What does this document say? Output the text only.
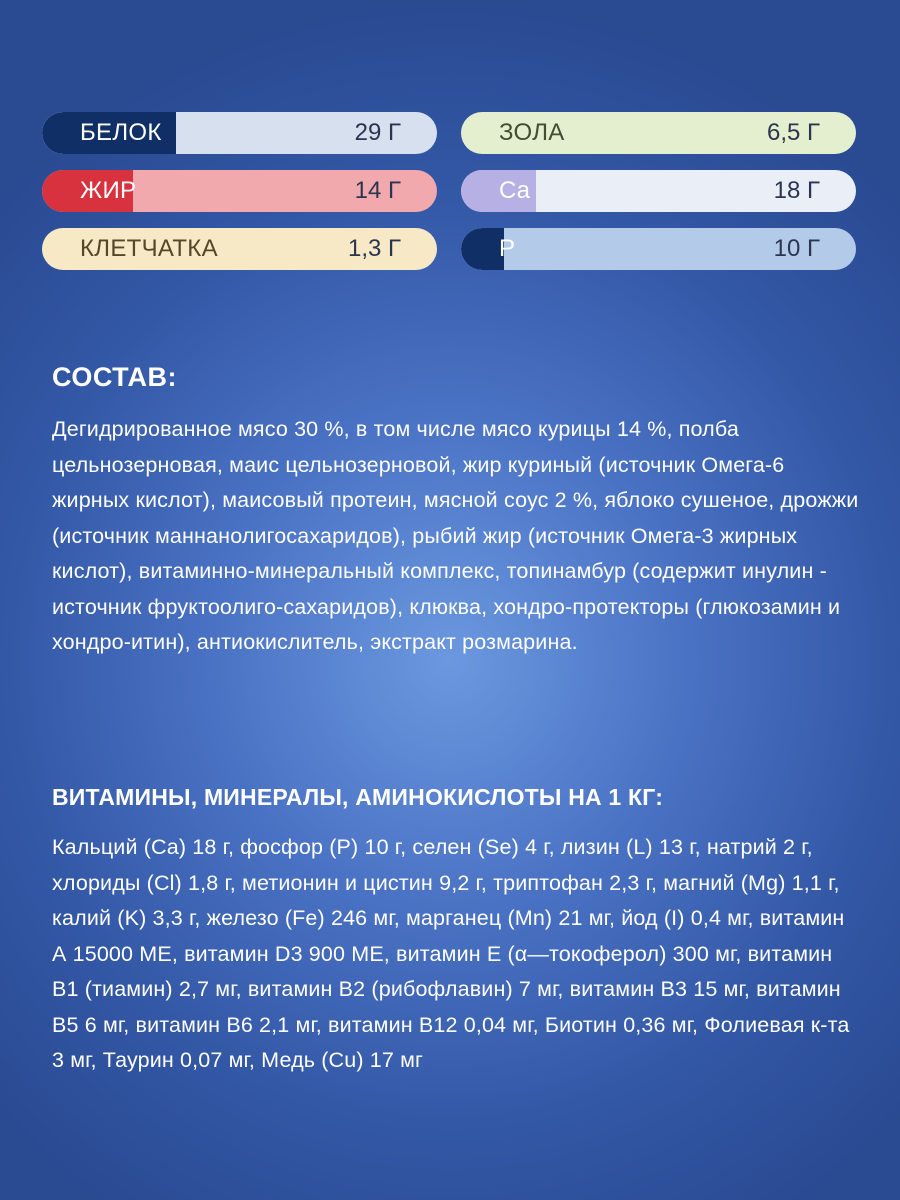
БЕЛОК	29 Г	ЗОЛА	6,5 Г
ЖИР	14 Г	Ca	18 Г
КЛЕТЧАТКА	1,3 Г	P	10 Г
СОСТАВ:
Дегидрированное мясо 30 %, в том числе мясо курицы 14 %, полба цельнозерновая, маис цельнозерновой, жир куриный (источник Омега-6 жирных кислот), маисовый протеин, мясной соус 2 %, яблоко сушеное, дрожжи (источник маннанолигосахаридов), рыбий жир (источник Омега-3 жирных кислот), витаминно-минеральный комплекс, топинамбур (содержит инулин - источник фруктоолиго-сахаридов), клюква, хондро-протекторы (глюкозамин и хондро-итин), антиокислитель, экстракт розмарина.
ВИТАМИНЫ, МИНЕРАЛЫ, АМИНОКИСЛОТЫ НА 1 КГ:
Кальций (Ca) 18 г, фосфор (P) 10 г, селен (Se) 4 г, лизин (L) 13 г, натрий 2 г, хлориды (Cl) 1,8 г, метионин и цистин 9,2 г, триптофан 2,3 г, магний (Mg) 1,1 г, калий (K) 3,3 г, железо (Fe) 246 мг, марганец (Mn) 21 мг, йод (I) 0,4 мг, витамин А 15000 МЕ, витамин D3 900 МЕ, витамин Е (α—токоферол) 300 мг, витамин В1 (тиамин) 2,7 мг, витамин В2 (рибофлавин) 7 мг, витамин В3 15 мг, витамин В5 6 мг, витамин В6 2,1 мг, витамин В12 0,04 мг, Биотин 0,36 мг, Фолиевая к-та 3 мг, Таурин 0,07 мг, Медь (Cu) 17 мг
